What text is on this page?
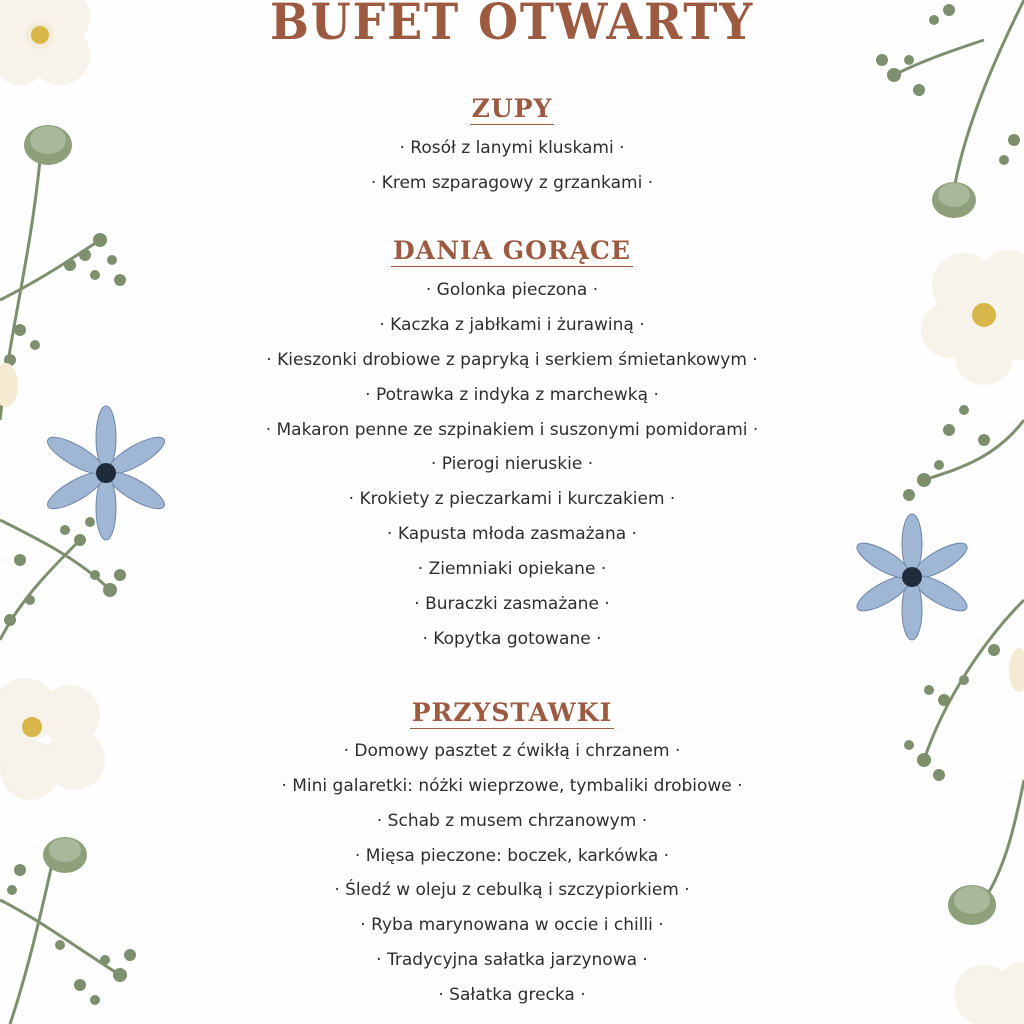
BUFET OTWARTY
ZUPY

· Rosół z lanymi kluskami ·

· Krem szparagowy z grzankami ·

DANIA GORĄCE

· Golonka pieczona ·

· Kaczka z jabłkami i żurawiną ·

· Kieszonki drobiowe z papryką i serkiem śmietankowym ·

· Potrawka z indyka z marchewką ·

· Makaron penne ze szpinakiem i suszonymi pomidorami ·

· Pierogi nieruskie ·

· Krokiety z pieczarkami i kurczakiem ·

· Kapusta młoda zasmażana ·

· Ziemniaki opiekane ·

· Buraczki zasmażane ·

· Kopytka gotowane ·

PRZYSTAWKI

· Domowy pasztet z ćwikłą i chrzanem ·

· Mini galaretki: nóżki wieprzowe, tymbaliki drobiowe ·

· Schab z musem chrzanowym ·

· Mięsa pieczone: boczek, karkówka ·

· Śledź w oleju z cebulką i szczypiorkiem ·

· Ryba marynowana w occie i chilli ·

· Tradycyjna sałatka jarzynowa ·

· Sałatka grecka ·
